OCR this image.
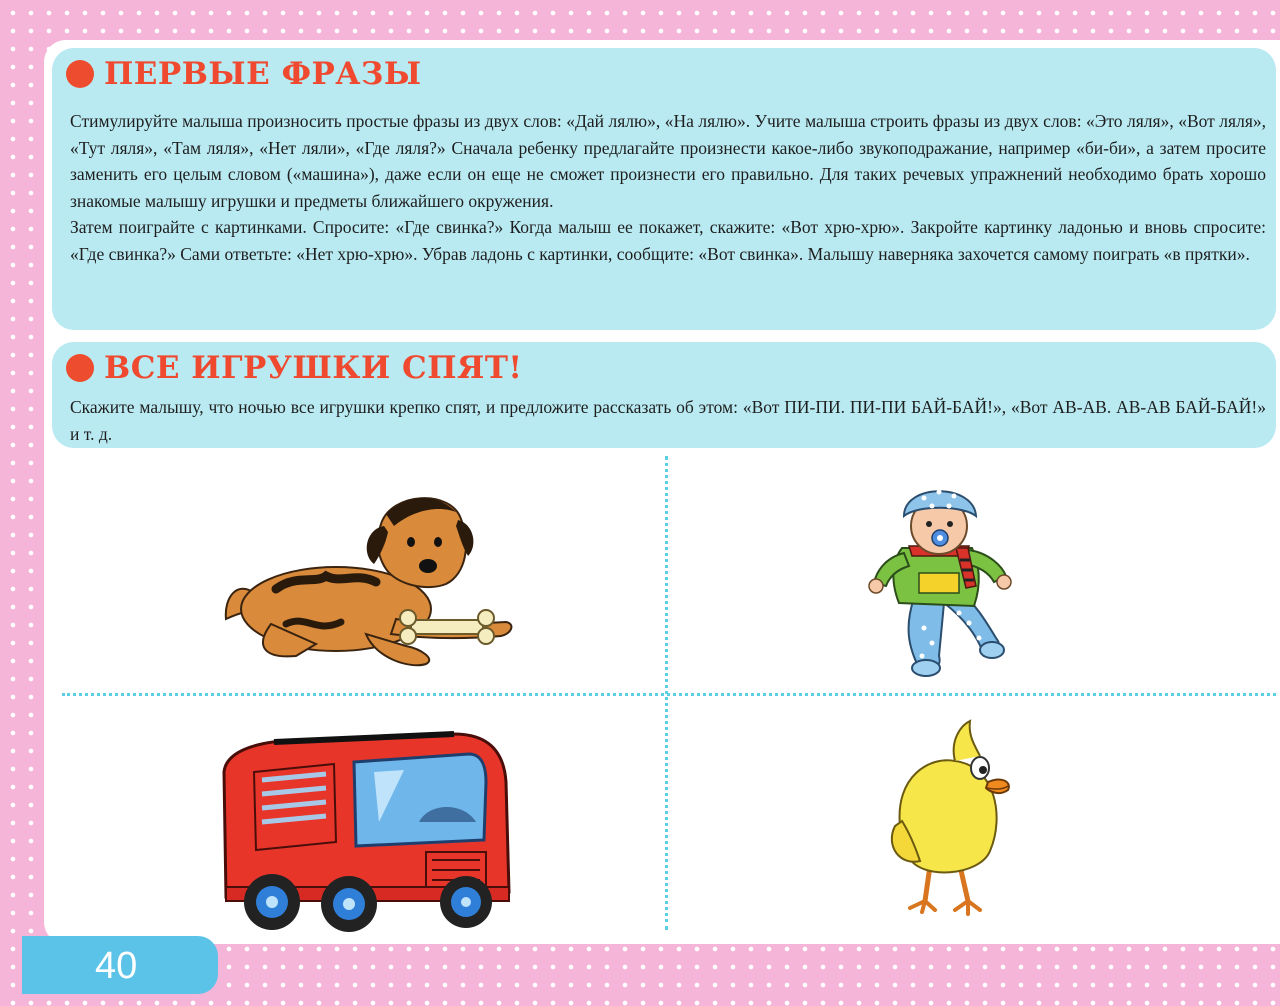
ПЕРВЫЕ ФРАЗЫ

Стимулируйте малыша произносить простые фразы из двух слов: «Дай лялю», «На лялю». Учите малыша строить фразы из двух слов: «Это ляля», «Вот ляля», «Тут ляля», «Там ляля», «Нет ляли», «Где ляля?» Сначала ребенку предлагайте произнести какое-либо звукоподражание, например «би-би», а затем просите заменить его целым словом («машина»), даже если он еще не сможет произнести его правильно. Для таких речевых упражнений необходимо брать хорошо знакомые малышу игрушки и предметы ближайшего окружения.

Затем поиграйте с картинками. Спросите: «Где свинка?» Когда малыш ее покажет, скажите: «Вот хрю-хрю». Закройте картинку ладонью и вновь спросите: «Где свинка?» Сами ответьте: «Нет хрю-хрю». Убрав ладонь с картинки, сообщите: «Вот свинка». Малышу наверняка захочется самому поиграть «в прятки».

ВСЕ ИГРУШКИ СПЯТ!

Скажите малышу, что ночью все игрушки крепко спят, и предложите рассказать об этом: «Вот ПИ-ПИ. ПИ-ПИ БАЙ-БАЙ!», «Вот АВ-АВ. АВ-АВ БАЙ-БАЙ!» и т. д.

40
